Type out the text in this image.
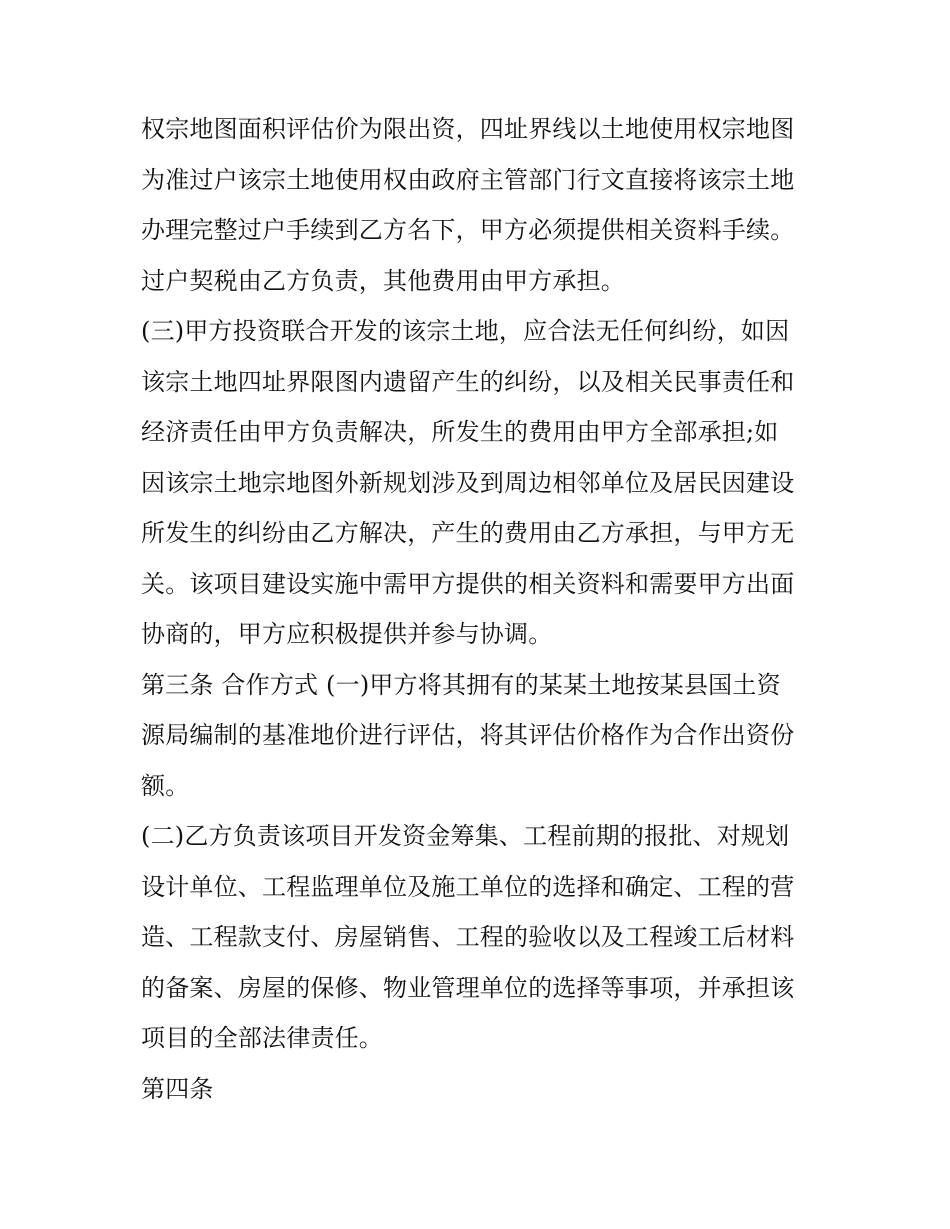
权宗地图面积评估价为限出资，四址界线以土地使用权宗地图
为准过户该宗土地使用权由政府主管部门行文直接将该宗土地
办理完整过户手续到乙方名下，甲方必须提供相关资料手续。
过户契税由乙方负责，其他费用由甲方承担。
(三)甲方投资联合开发的该宗土地，应合法无任何纠纷，如因
该宗土地四址界限图内遗留产生的纠纷，以及相关民事责任和
经济责任由甲方负责解决，所发生的费用由甲方全部承担;如
因该宗土地宗地图外新规划涉及到周边相邻单位及居民因建设
所发生的纠纷由乙方解决，产生的费用由乙方承担，与甲方无
关。该项目建设实施中需甲方提供的相关资料和需要甲方出面
协商的，甲方应积极提供并参与协调。
第三条 合作方式 (一)甲方将其拥有的某某土地按某县国土资
源局编制的基准地价进行评估，将其评估价格作为合作出资份
额。
(二)乙方负责该项目开发资金筹集、工程前期的报批、对规划
设计单位、工程监理单位及施工单位的选择和确定、工程的营
造、工程款支付、房屋销售、工程的验收以及工程竣工后材料
的备案、房屋的保修、物业管理单位的选择等事项，并承担该
项目的全部法律责任。
第四条
